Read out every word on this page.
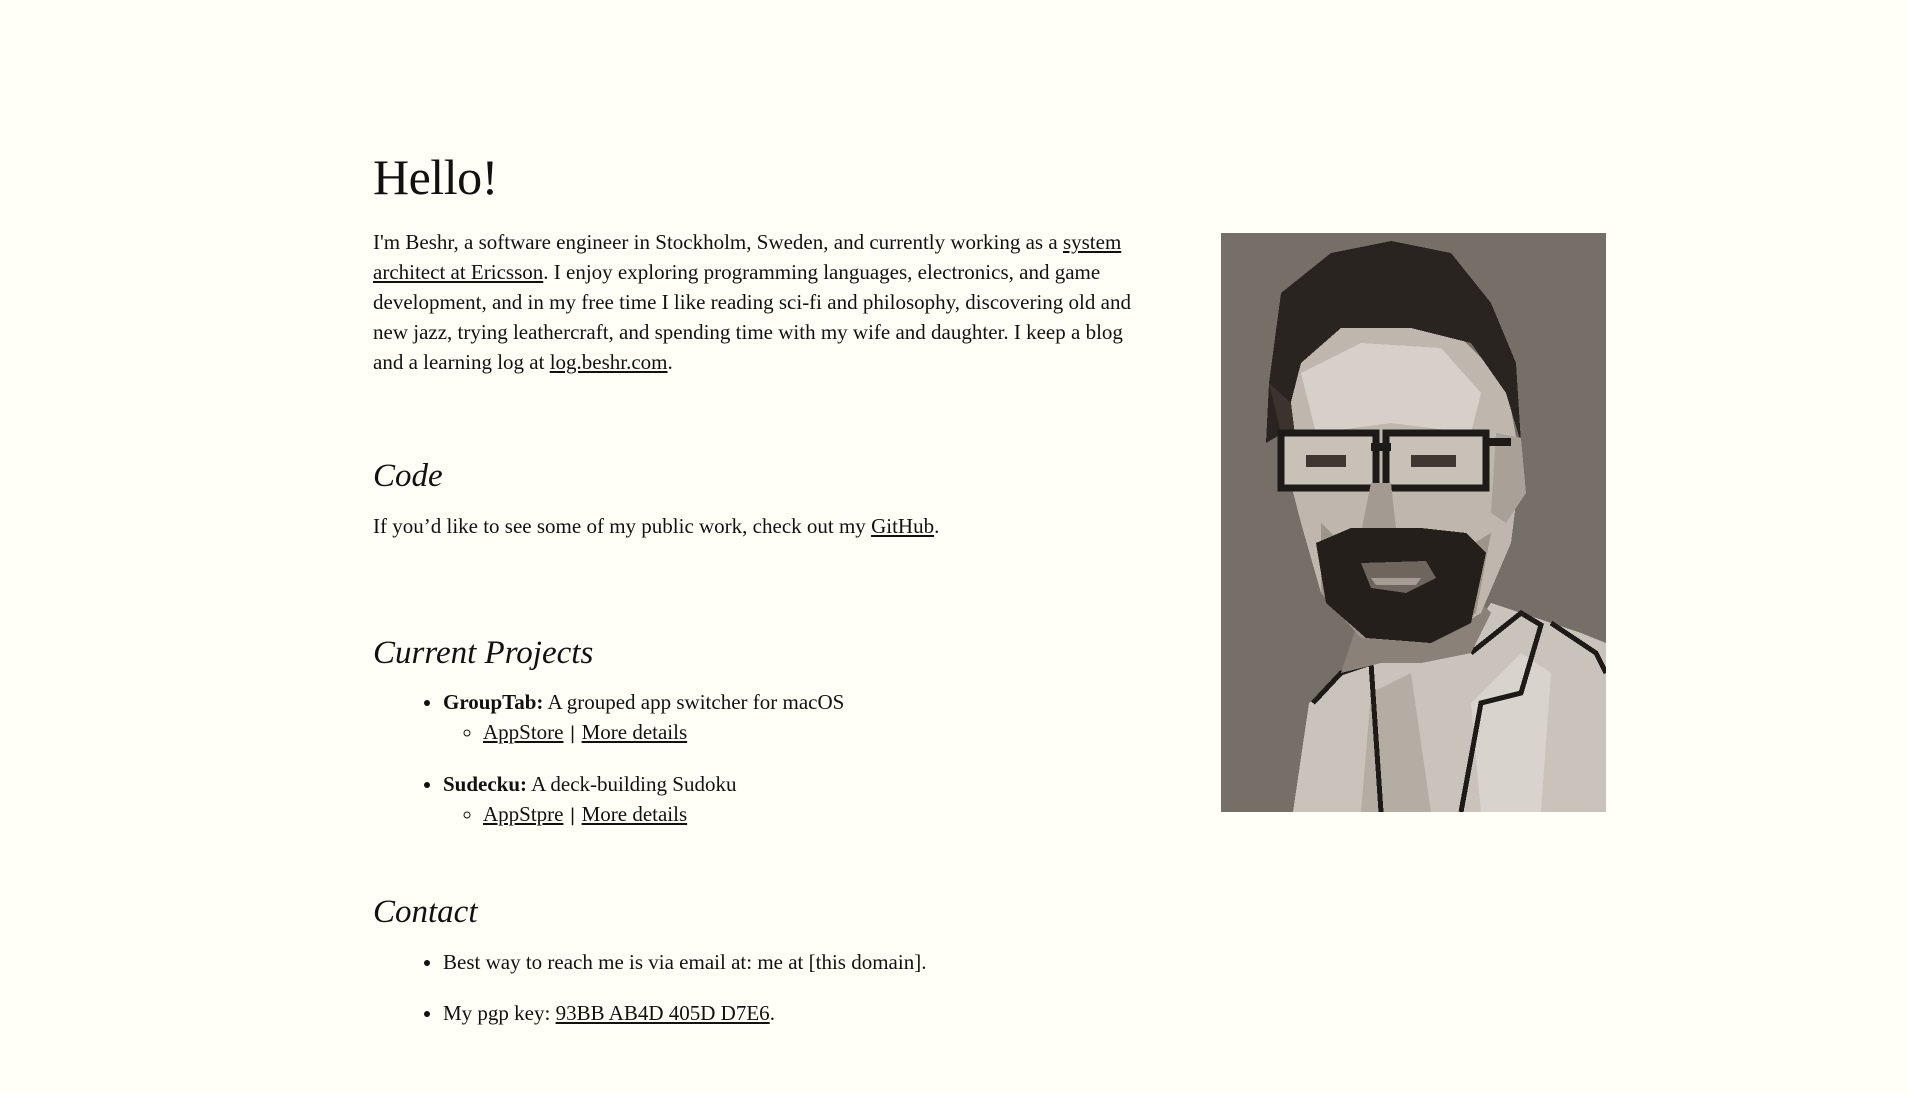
Hello!

I'm Beshr, a software engineer in Stockholm, Sweden, and currently working as a system architect at Ericsson. I enjoy exploring programming languages, electronics, and game development, and in my free time I like reading sci-fi and philosophy, discovering old and new jazz, trying leathercraft, and spending time with my wife and daughter. I keep a blog and a learning log at log.beshr.com.

Code

If you’d like to see some of my public work, check out my GitHub.

Current Projects
• GroupTab: A grouped app switcher for macOS
◦ AppStore | More details
• Sudecku: A deck-building Sudoku
◦ AppStpre | More details
Contact
• Best way to reach me is via email at: me at [this domain].
• My pgp key: 93BB AB4D 405D D7E6.
